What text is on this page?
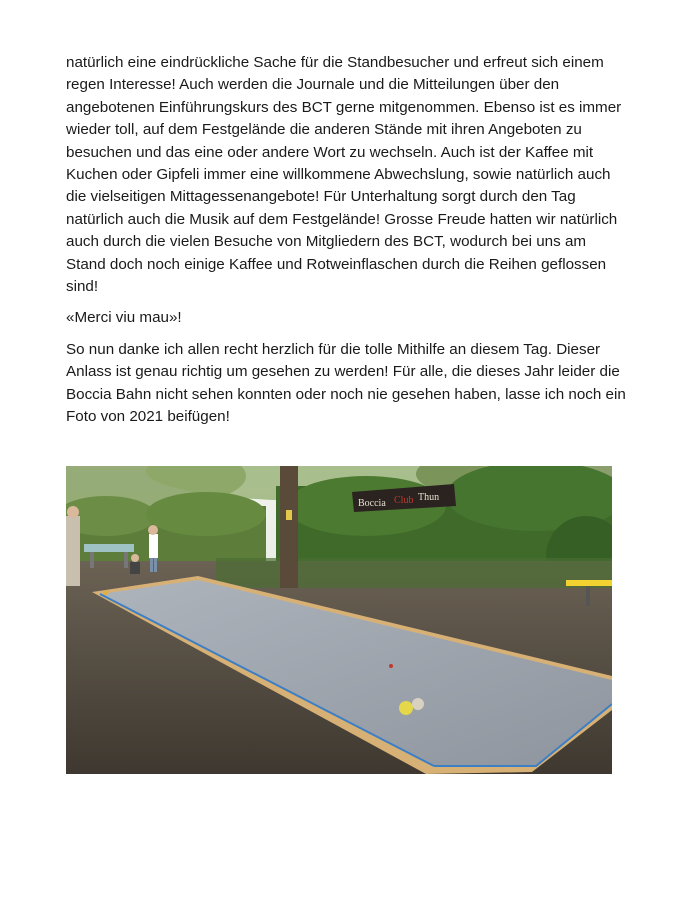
natürlich eine eindrückliche Sache für die Standbesucher und erfreut sich einem regen Interesse! Auch werden die Journale und die Mitteilungen über den angebotenen Einführungskurs des BCT gerne mitgenommen. Ebenso ist es immer wieder toll, auf dem Festgelände die anderen Stände mit ihren Angeboten zu besuchen und das eine oder andere Wort zu wechseln. Auch ist der Kaffee mit Kuchen oder Gipfeli immer eine willkommene Abwechslung, sowie natürlich auch die vielseitigen Mittagessenangebote! Für Unterhaltung sorgt durch den Tag natürlich auch die Musik auf dem Festgelände! Grosse Freude hatten wir natürlich auch durch die vielen Besuche von Mitgliedern des BCT, wodurch bei uns am Stand doch noch einige Kaffee und Rotweinflaschen durch die Reihen geflossen sind!

«Merci viu mau»!

So nun danke ich allen recht herzlich für die tolle Mithilfe an diesem Tag. Dieser Anlass ist genau richtig um gesehen zu werden! Für alle, die dieses Jahr leider die Boccia Bahn nicht sehen konnten oder noch nie gesehen haben, lasse ich noch ein Foto von 2021 beifügen!

Boccia Club Thun
